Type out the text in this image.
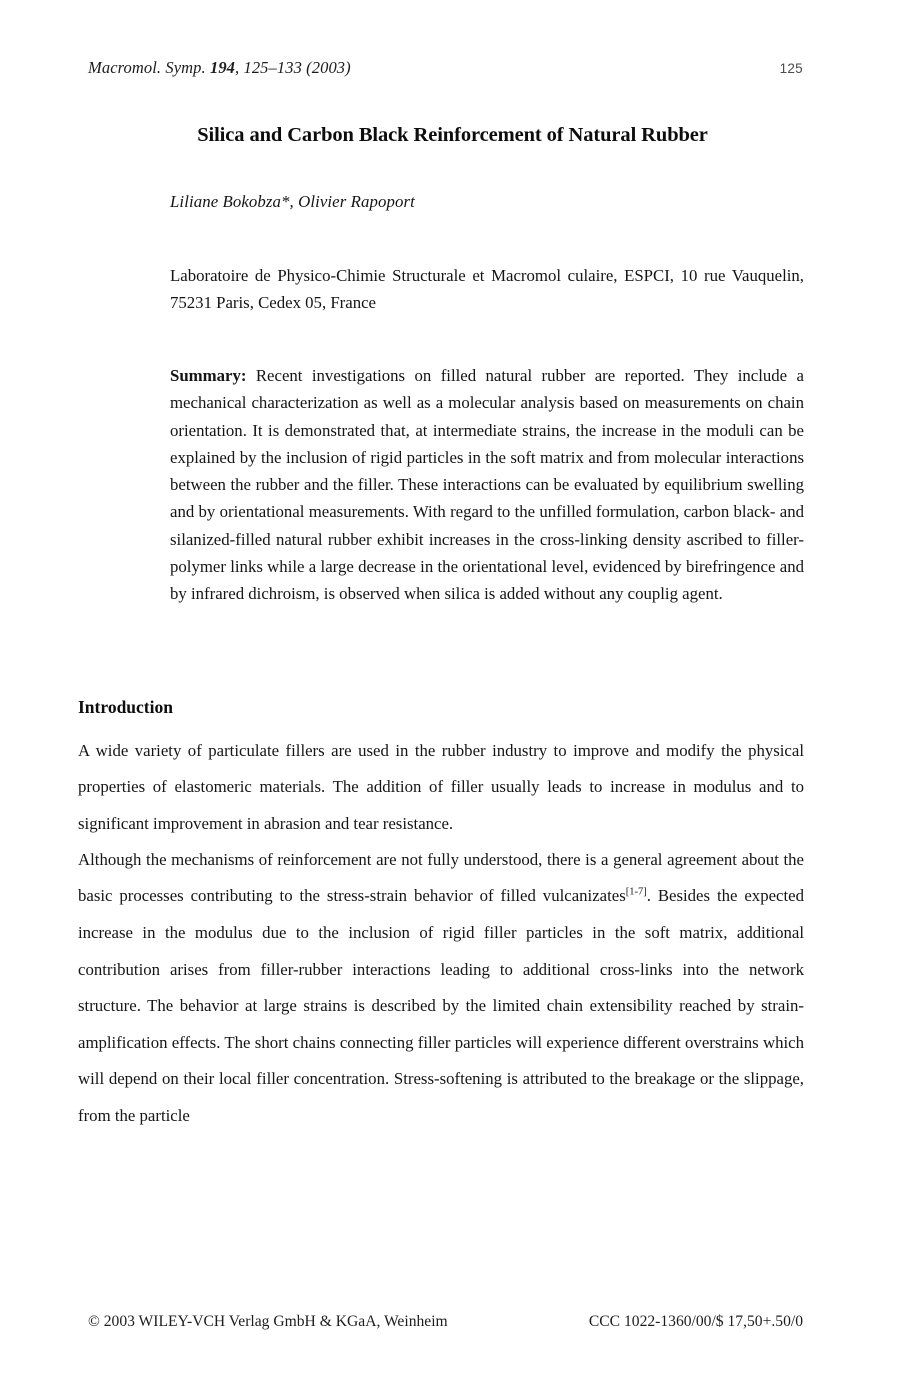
Macromol. Symp. 194, 125–133 (2003)	125
Silica and Carbon Black Reinforcement of Natural Rubber
Liliane Bokobza*, Olivier Rapoport
Laboratoire de Physico-Chimie Structurale et Macromol culaire, ESPCI, 10 rue Vauquelin, 75231 Paris, Cedex 05, France
Summary: Recent investigations on filled natural rubber are reported. They include a mechanical characterization as well as a molecular analysis based on measurements on chain orientation. It is demonstrated that, at intermediate strains, the increase in the moduli can be explained by the inclusion of rigid particles in the soft matrix and from molecular interactions between the rubber and the filler. These interactions can be evaluated by equilibrium swelling and by orientational measurements. With regard to the unfilled formulation, carbon black- and silanized-filled natural rubber exhibit increases in the cross-linking density ascribed to filler-polymer links while a large decrease in the orientational level, evidenced by birefringence and by infrared dichroism, is observed when silica is added without any couplig agent.
Introduction

A wide variety of particulate fillers are used in the rubber industry to improve and modify the physical properties of elastomeric materials. The addition of filler usually leads to increase in modulus and to significant improvement in abrasion and tear resistance.

Although the mechanisms of reinforcement are not fully understood, there is a general agreement about the basic processes contributing to the stress-strain behavior of filled vulcanizates[1-7]. Besides the expected increase in the modulus due to the inclusion of rigid filler particles in the soft matrix, additional contribution arises from filler-rubber interactions leading to additional cross-links into the network structure. The behavior at large strains is described by the limited chain extensibility reached by strain-amplification effects. The short chains connecting filler particles will experience different overstrains which will depend on their local filler concentration. Stress-softening is attributed to the breakage or the slippage, from the particle

© 2003 WILEY-VCH Verlag GmbH & KGaA, Weinheim	CCC 1022-1360/00/$ 17,50+.50/0
